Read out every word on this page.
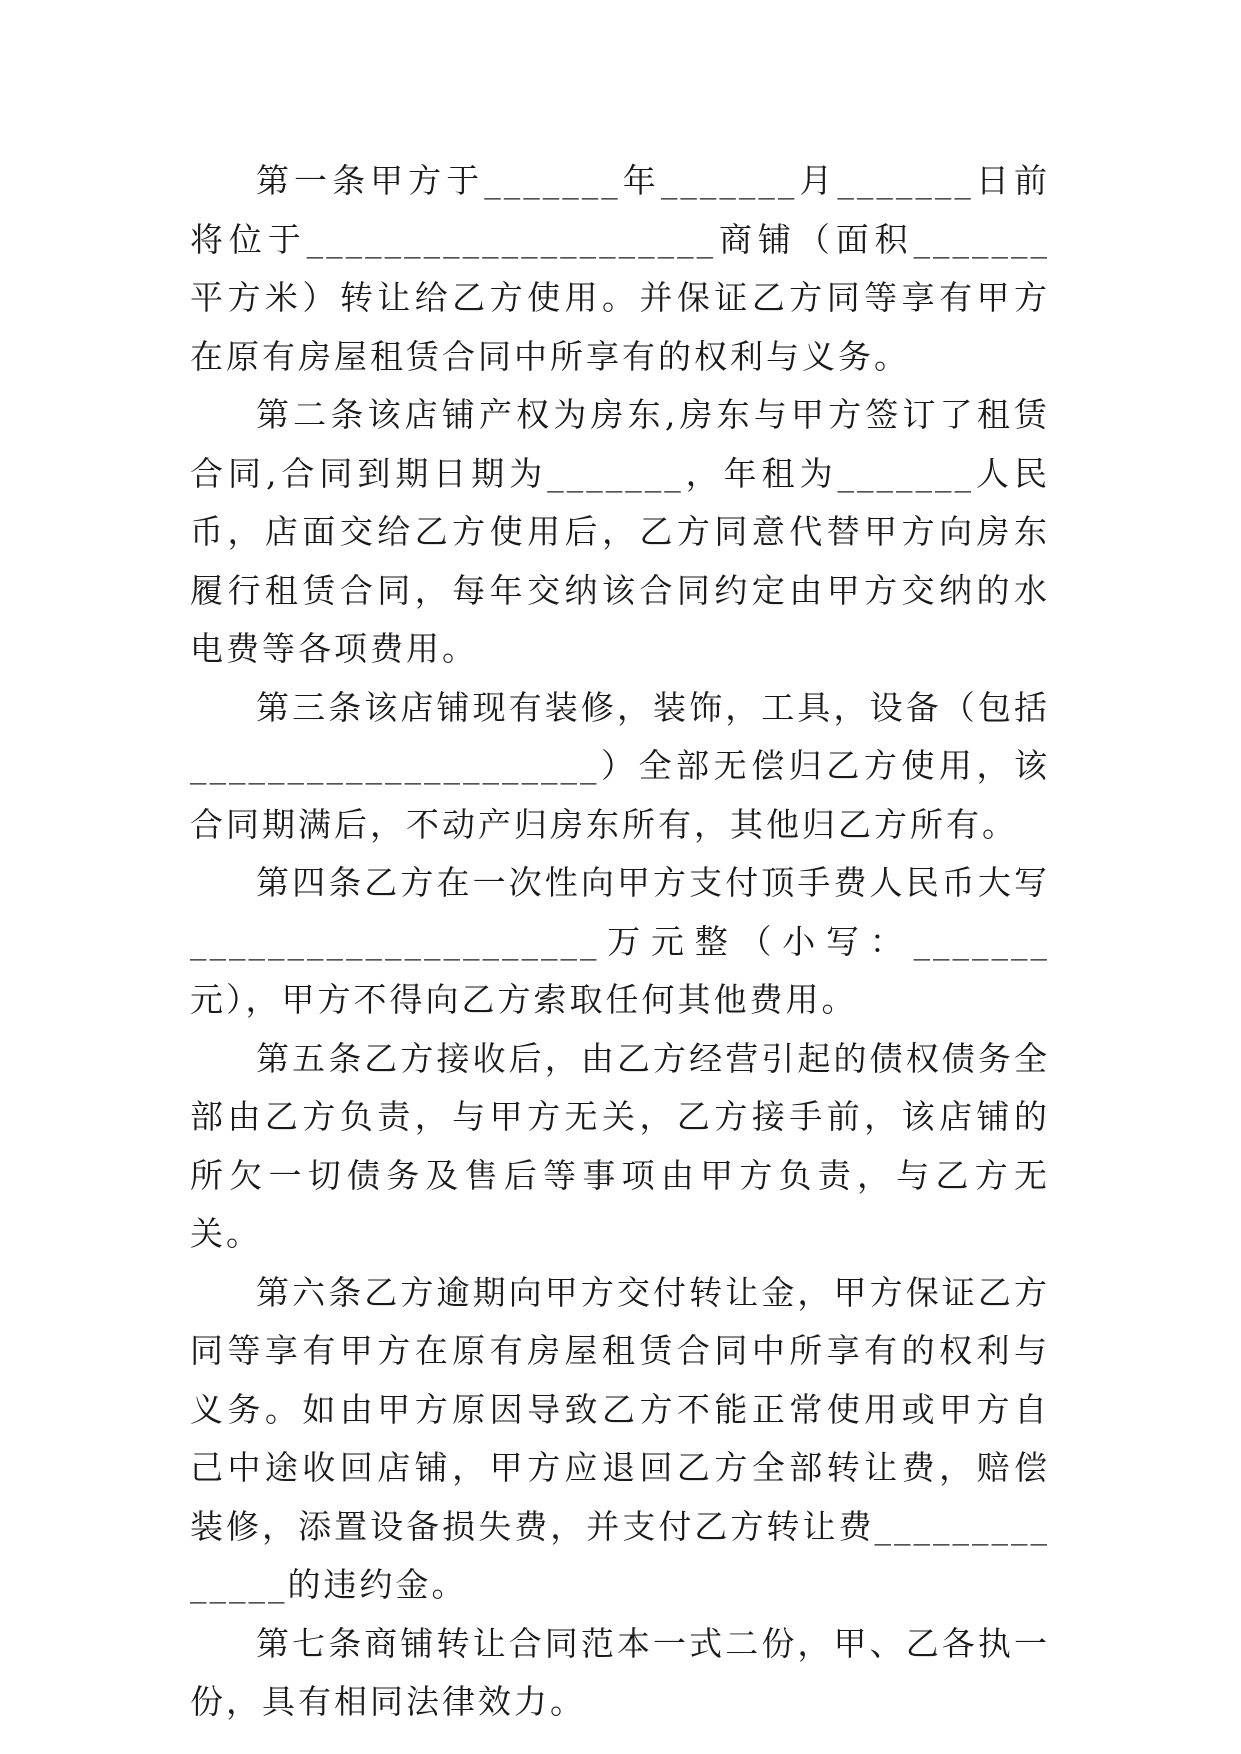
第一条甲方于_______年_______月_______日前将位于_____________________商铺（面积_______平方米）转让给乙方使用。并保证乙方同等享有甲方在原有房屋租赁合同中所享有的权利与义务。

第二条该店铺产权为房东,房东与甲方签订了租赁合同,合同到期日期为_______，年租为_______人民币，店面交给乙方使用后，乙方同意代替甲方向房东履行租赁合同，每年交纳该合同约定由甲方交纳的水电费等各项费用。

第三条该店铺现有装修，装饰，工具，设备（包括_____________________）全部无偿归乙方使用，该合同期满后，不动产归房东所有，其他归乙方所有。

第四条乙方在一次性向甲方支付顶手费人民币大写_____________________万元整（小写：_______元），甲方不得向乙方索取任何其他费用。

第五条乙方接收后，由乙方经营引起的债权债务全部由乙方负责，与甲方无关，乙方接手前，该店铺的所欠一切债务及售后等事项由甲方负责，与乙方无关。

第六条乙方逾期向甲方交付转让金，甲方保证乙方同等享有甲方在原有房屋租赁合同中所享有的权利与义务。如由甲方原因导致乙方不能正常使用或甲方自己中途收回店铺，甲方应退回乙方全部转让费，赔偿装修，添置设备损失费，并支付乙方转让费______________的违约金。

第七条商铺转让合同范本一式二份，甲、乙各执一份，具有相同法律效力。
